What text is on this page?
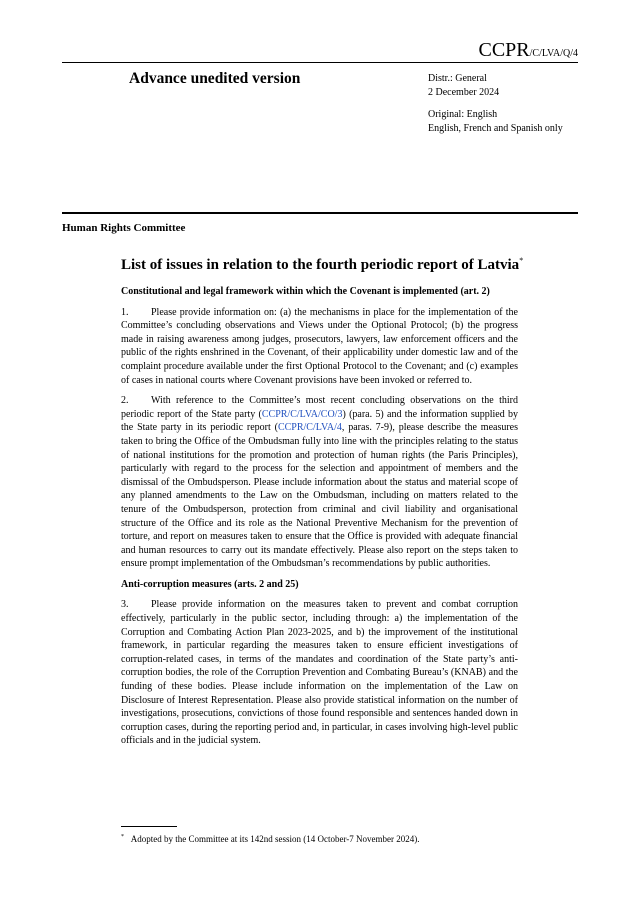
CCPR/C/LVA/Q/4
Advance unedited version	Distr.: General
2 December 2024
Original: English
English, French and Spanish only
Human Rights Committee
List of issues in relation to the fourth periodic report of Latvia*

Constitutional and legal framework within which the Covenant is implemented (art. 2)

1. Please provide information on: (a) the mechanisms in place for the implementation of the Committee’s concluding observations and Views under the Optional Protocol; (b) the progress made in raising awareness among judges, prosecutors, lawyers, law enforcement officers and the public of the rights enshrined in the Covenant, of their applicability under domestic law and of the complaint procedure available under the first Optional Protocol to the Covenant; and (c) examples of cases in national courts where Covenant provisions have been invoked or referred to.

2. With reference to the Committee’s most recent concluding observations on the third periodic report of the State party (CCPR/C/LVA/CO/3) (para. 5) and the information supplied by the State party in its periodic report (CCPR/C/LVA/4, paras. 7-9), please describe the measures taken to bring the Office of the Ombudsman fully into line with the principles relating to the status of national institutions for the promotion and protection of human rights (the Paris Principles), particularly with regard to the process for the selection and appointment of members and the dismissal of the Ombudsperson. Please include information about the status and material scope of any planned amendments to the Law on the Ombudsman, including on matters related to the tenure of the Ombudsperson, protection from criminal and civil liability and organisational structure of the Office and its role as the National Preventive Mechanism for the prevention of torture, and report on measures taken to ensure that the Office is provided with adequate financial and human resources to carry out its mandate effectively. Please also report on the steps taken to ensure prompt implementation of the Ombudsman’s recommendations by public authorities.

Anti-corruption measures (arts. 2 and 25)

3. Please provide information on the measures taken to prevent and combat corruption effectively, particularly in the public sector, including through: a) the implementation of the Corruption and Combating Action Plan 2023-2025, and b) the improvement of the institutional framework, in particular regarding the measures taken to ensure efficient investigations of corruption-related cases, in terms of the mandates and coordination of the State party’s anti-corruption bodies, the role of the Corruption Prevention and Combating Bureau’s (KNAB) and the funding of these bodies. Please include information on the implementation of the Law on Disclosure of Interest Representation. Please also provide statistical information on the number of investigations, prosecutions, convictions of those found responsible and sentences handed down in corruption cases, during the reporting period and, in particular, in cases involving high-level public officials and in the judicial system.

* Adopted by the Committee at its 142nd session (14 October-7 November 2024).
